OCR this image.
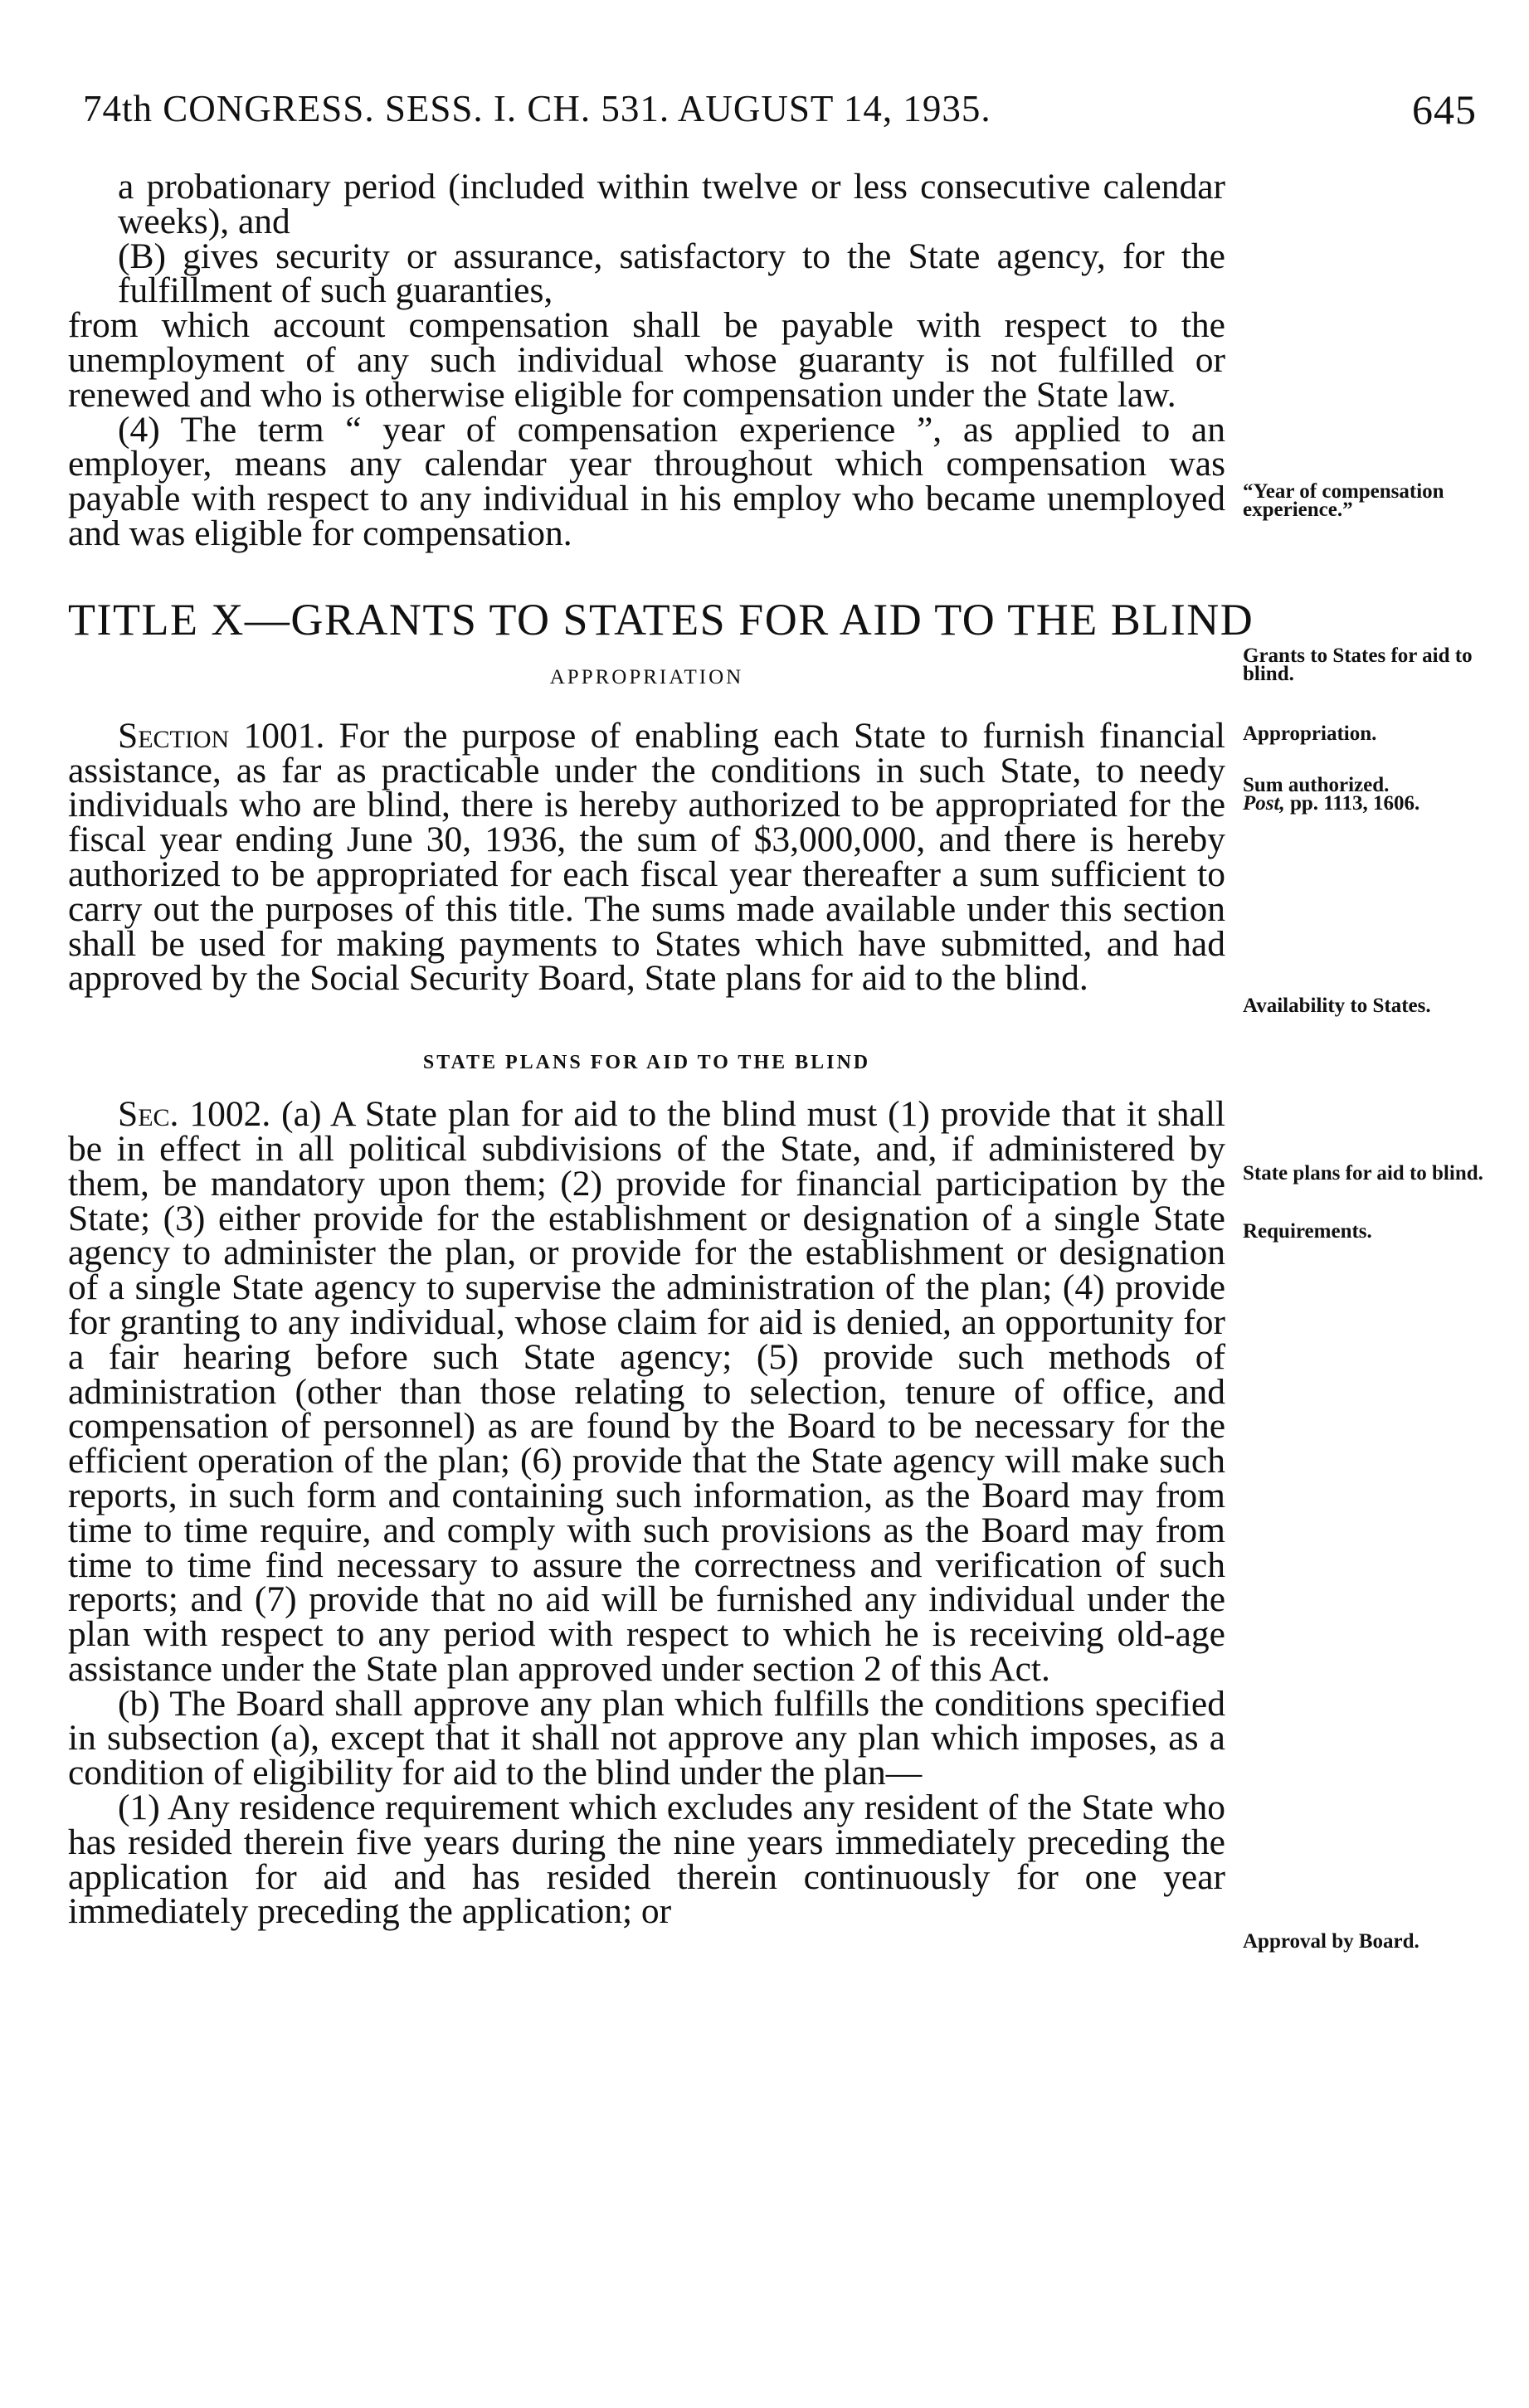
74th CONGRESS. SESS. I. CH. 531. AUGUST 14, 1935.	645

a probationary period (included within twelve or less consecutive calendar weeks), and

(B) gives security or assurance, satisfactory to the State agency, for the fulfillment of such guaranties,

from which account compensation shall be payable with respect to the unemployment of any such individual whose guaranty is not fulfilled or renewed and who is otherwise eligible for compensation under the State law.

(4) The term “ year of compensation experience ”, as applied to an employer, means any calendar year throughout which compensation was payable with respect to any individual in his employ who became unemployed and was eligible for compensation.

TITLE X—GRANTS TO STATES FOR AID TO THE BLIND
APPROPRIATION

Section 1001. For the purpose of enabling each State to furnish financial assistance, as far as practicable under the conditions in such State, to needy individuals who are blind, there is hereby authorized to be appropriated for the fiscal year ending June 30, 1936, the sum of $3,000,000, and there is hereby authorized to be appropriated for each fiscal year thereafter a sum sufficient to carry out the purposes of this title. The sums made available under this section shall be used for making payments to States which have submitted, and had approved by the Social Security Board, State plans for aid to the blind.

STATE PLANS FOR AID TO THE BLIND

Sec. 1002. (a) A State plan for aid to the blind must (1) provide that it shall be in effect in all political subdivisions of the State, and, if administered by them, be mandatory upon them; (2) provide for financial participation by the State; (3) either provide for the establishment or designation of a single State agency to administer the plan, or provide for the establishment or designation of a single State agency to supervise the administration of the plan; (4) provide for granting to any individual, whose claim for aid is denied, an opportunity for a fair hearing before such State agency; (5) provide such methods of administration (other than those relating to selection, tenure of office, and compensation of personnel) as are found by the Board to be necessary for the efficient operation of the plan; (6) provide that the State agency will make such reports, in such form and containing such information, as the Board may from time to time require, and comply with such provisions as the Board may from time to time find necessary to assure the correctness and verification of such reports; and (7) provide that no aid will be furnished any individual under the plan with respect to any period with respect to which he is receiving old-age assistance under the State plan approved under section 2 of this Act.

(b) The Board shall approve any plan which fulfills the conditions specified in subsection (a), except that it shall not approve any plan which imposes, as a condition of eligibility for aid to the blind under the plan—

(1) Any residence requirement which excludes any resident of the State who has resided therein five years during the nine years immediately preceding the application for aid and has resided therein continuously for one year immediately preceding the application; or

“Year of compensation experience.”
Grants to States for aid to blind.
Appropriation.
Sum authorized.
Post, pp. 1113, 1606.
Availability to States.
State plans for aid to blind.
Requirements.
Approval by Board.
